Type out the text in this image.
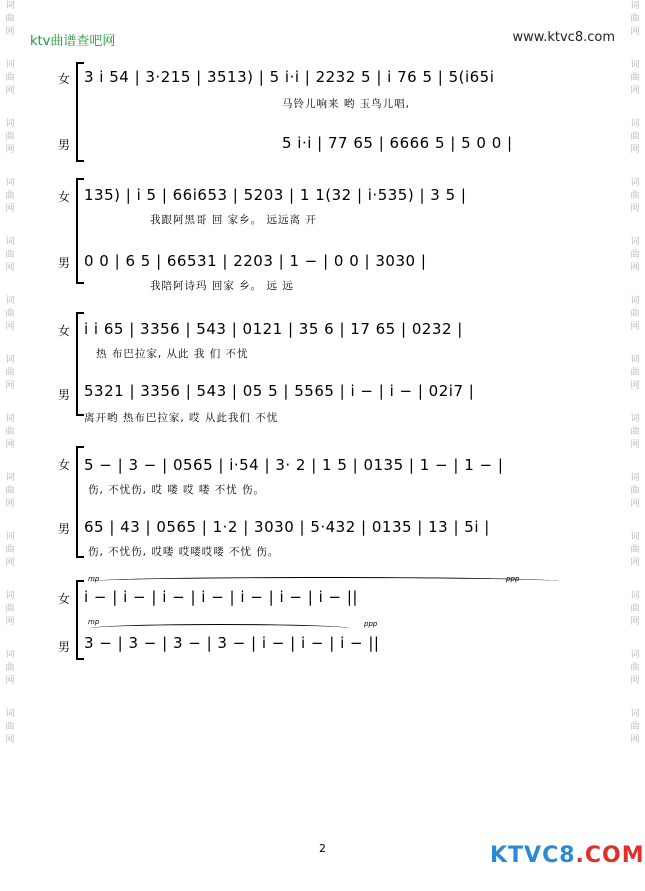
ktv曲谱查吧网	www.ktvc8.com
词
曲
网
词
曲
网
词
曲
网
词
曲
网
词
曲
网
词
曲
网
词
曲
网
词
曲
网
词
曲
网
词
曲
网
词
曲
网
词
曲
网
词
曲
网
词
曲
网
词
曲
网
词
曲
网
词
曲
网
词
曲
网
词
曲
网
词
曲
网
词
曲
网
词
曲
网
词
曲
网
词
曲
网
词
曲
网
词
曲
网
女 3 i 54 | 3·215 | 3513) | 5 i·i | 2232 5 | i 76 5 | 5(i65i
马铃儿响来 哟 玉鸟儿唱,
男	5 i·i | 77 65 | 6666 5 | 5 0 0 |
女 135) | i 5 | 66i653 | 5203 | 1 1(32 | i·535) | 3 5 |
我跟阿黑哥 回 家乡。 远远离 开
男 0 0 | 6 5 | 66531 | 2203 | 1 − | 0 0 | 3030 |
我陪阿诗玛 回家 乡。 远 远
女 i i 65 | 3356 | 543 | 0121 | 35 6 | 17 65 | 0232 |
热 布巴拉家, 从此 我 们 不忧
男 5321 | 3356 | 543 | 05 5 | 5565 | i − | i − | 02i7 |
离开哟 热布巴拉家, 哎 从此我们 不忧
女 5 − | 3 − | 0565 | i·54 | 3· 2 | 1 5 | 0135 | 1 − | 1 − |
伤, 不忧伤, 哎 喽 哎 喽 不忧 伤。
男 65 | 43 | 0565 | 1·2 | 3030 | 5·432 | 0135 | 13 | 5i |
伤, 不忧伤, 哎喽 哎喽哎喽 不忧 伤。
mp	ppp
女 i − | i − | i − | i − | i − | i − | i − ||
mp	ppp
男 3 − | 3 − | 3 − | 3 − | i − | i − | i − ||
2	KTVC8.COM
